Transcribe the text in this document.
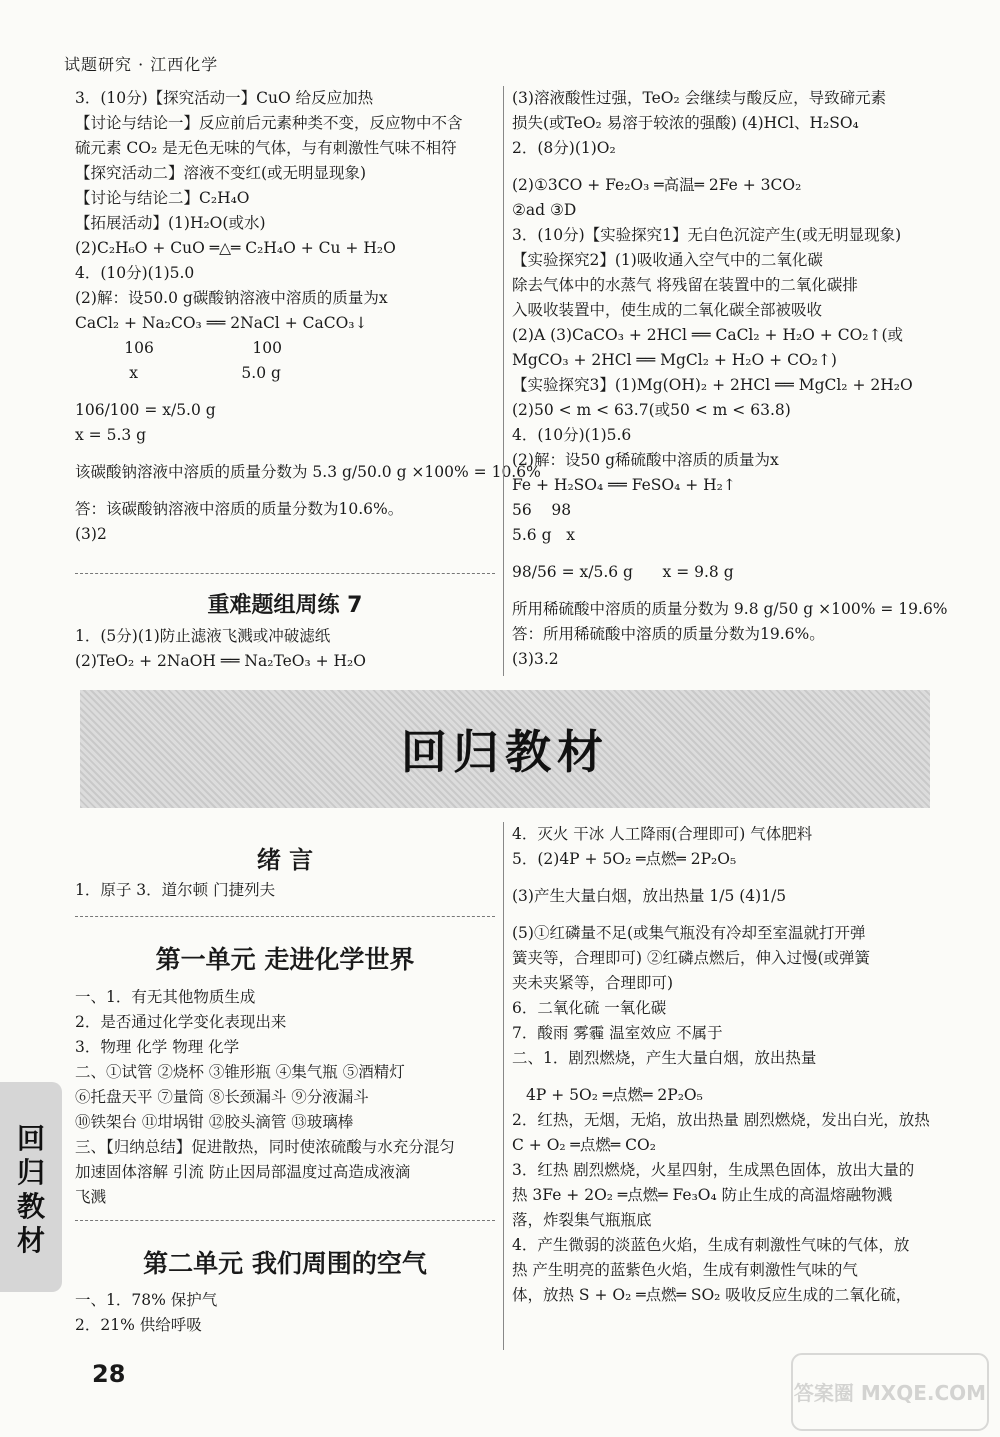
试题研究 · 江西化学

3．(10分)【探究活动一】CuO 给反应加热

【讨论与结论一】反应前后元素种类不变，反应物中不含

硫元素 CO₂ 是无色无味的气体，与有刺激性气味不相符

【探究活动二】溶液不变红(或无明显现象)

【讨论与结论二】C₂H₄O

【拓展活动】(1)H₂O(或水)

(2)C₂H₆O + CuO ═△═ C₂H₄O + Cu + H₂O

4．(10分)(1)5.0

(2)解：设50.0 g碳酸钠溶液中溶质的质量为x

CaCl₂ + Na₂CO₃ ══ 2NaCl + CaCO₃↓

106                    100

x                     5.0 g

106/100 = x/5.0 g

x = 5.3 g

该碳酸钠溶液中溶质的质量分数为 5.3 g/50.0 g ×100% = 10.6%

答：该碳酸钠溶液中溶质的质量分数为10.6%。

(3)2

重难题组周练 7

1．(5分)(1)防止滤液飞溅或冲破滤纸

(2)TeO₂ + 2NaOH ══ Na₂TeO₃ + H₂O

(3)溶液酸性过强，TeO₂ 会继续与酸反应，导致碲元素

损失(或TeO₂ 易溶于较浓的强酸) (4)HCl、H₂SO₄

2．(8分)(1)O₂

(2)①3CO + Fe₂O₃ ═高温═ 2Fe + 3CO₂

②ad ③D

3．(10分)【实验探究1】无白色沉淀产生(或无明显现象)

【实验探究2】(1)吸收通入空气中的二氧化碳

除去气体中的水蒸气 将残留在装置中的二氧化碳排

入吸收装置中，使生成的二氧化碳全部被吸收

(2)A (3)CaCO₃ + 2HCl ══ CaCl₂ + H₂O + CO₂↑(或

MgCO₃ + 2HCl ══ MgCl₂ + H₂O + CO₂↑)

【实验探究3】(1)Mg(OH)₂ + 2HCl ══ MgCl₂ + 2H₂O

(2)50 < m < 63.7(或50 < m < 63.8)

4．(10分)(1)5.6

(2)解：设50 g稀硫酸中溶质的质量为x

Fe + H₂SO₄ ══ FeSO₄ + H₂↑

56    98

5.6 g   x

98/56 = x/5.6 g      x = 9.8 g

所用稀硫酸中溶质的质量分数为 9.8 g/50 g ×100% = 19.6%

答：所用稀硫酸中溶质的质量分数为19.6%。

(3)3.2

回归教材
绪 言

1．原子 3．道尔顿 门捷列夫

第一单元 走进化学世界

一、1．有无其他物质生成

2．是否通过化学变化表现出来

3．物理 化学 物理 化学

二、①试管 ②烧杯 ③锥形瓶 ④集气瓶 ⑤酒精灯

⑥托盘天平 ⑦量筒 ⑧长颈漏斗 ⑨分液漏斗

⑩铁架台 ⑪坩埚钳 ⑫胶头滴管 ⑬玻璃棒

三、【归纳总结】促进散热，同时使浓硫酸与水充分混匀

加速固体溶解 引流 防止因局部温度过高造成液滴

飞溅

第二单元 我们周围的空气

一、1．78% 保护气

2．21% 供给呼吸

4．灭火 干冰 人工降雨(合理即可) 气体肥料

5．(2)4P + 5O₂ ═点燃═ 2P₂O₅

(3)产生大量白烟，放出热量 1/5 (4)1/5

(5)①红磷量不足(或集气瓶没有冷却至室温就打开弹

簧夹等，合理即可) ②红磷点燃后，伸入过慢(或弹簧

夹未夹紧等，合理即可)

6．二氧化硫 一氧化碳

7．酸雨 雾霾 温室效应 不属于

二、1．剧烈燃烧，产生大量白烟，放出热量

4P + 5O₂ ═点燃═ 2P₂O₅

2．红热，无烟，无焰，放出热量 剧烈燃烧，发出白光，放热

C + O₂ ═点燃═ CO₂

3．红热 剧烈燃烧，火星四射，生成黑色固体，放出大量的

热 3Fe + 2O₂ ═点燃═ Fe₃O₄ 防止生成的高温熔融物溅

落，炸裂集气瓶瓶底

4．产生微弱的淡蓝色火焰，生成有刺激性气味的气体，放

热 产生明亮的蓝紫色火焰，生成有刺激性气味的气

体，放热 S + O₂ ═点燃═ SO₂ 吸收反应生成的二氧化硫，

回归教材
28
答案圈 MXQE.COM
